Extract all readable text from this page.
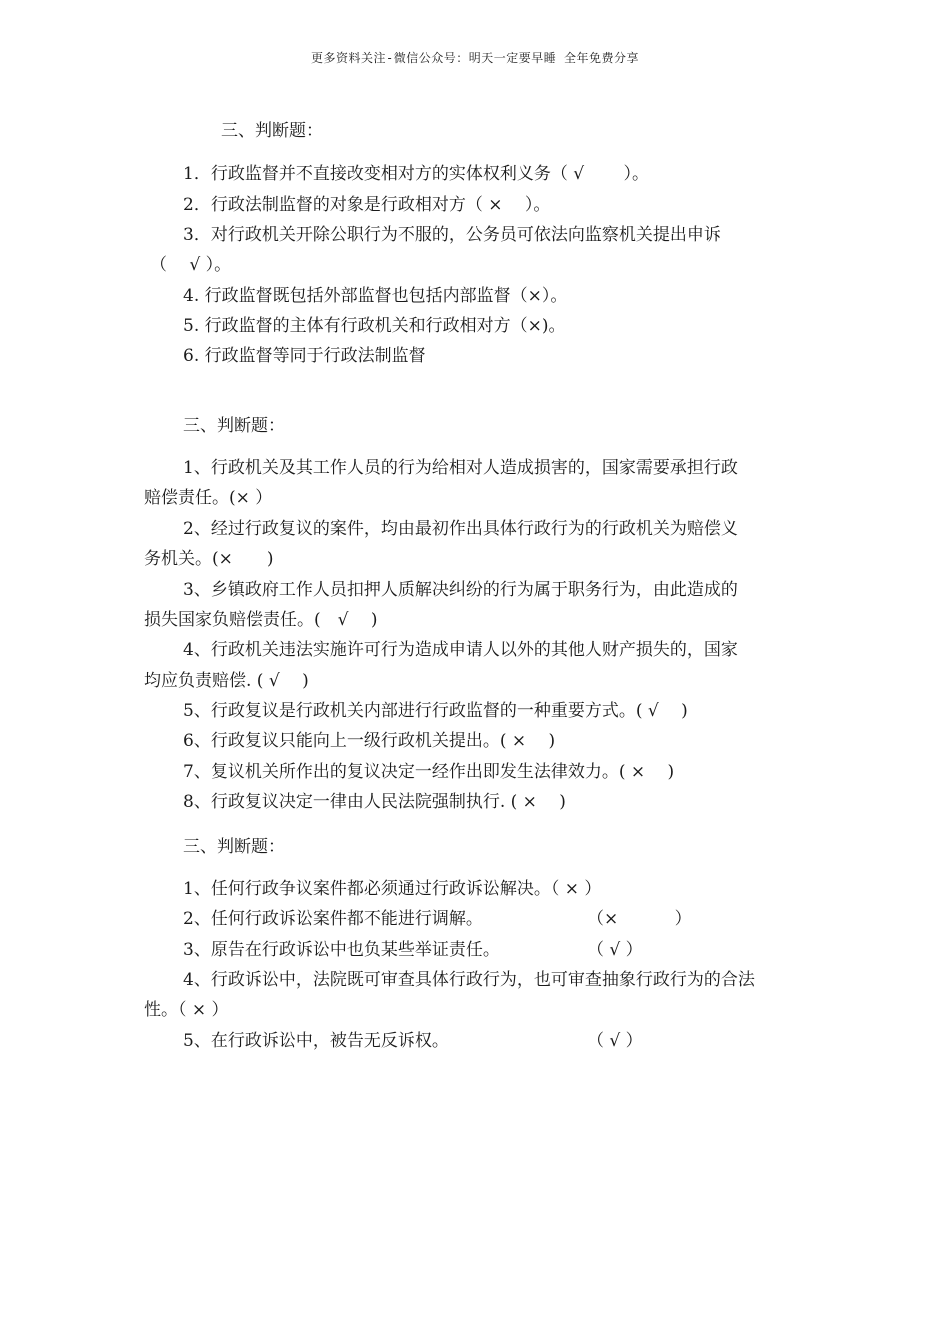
更多资料关注-微信公众号：明天一定要早睡 全年免费分享
三、判断题：
1．行政监督并不直接改变相对方的实体权利义务（ √　　 ）。
2．行政法制监督的对象是行政相对方（ ×　 ）。
3．对行政机关开除公职行为不服的，公务员可依法向监察机关提出申诉
（　 √ ）。
4. 行政监督既包括外部监督也包括内部监督（×）。
5. 行政监督的主体有行政机关和行政相对方（×)。
6. 行政监督等同于行政法制监督
三、判断题：
1、行政机关及其工作人员的行为给相对人造成损害的，国家需要承担行政
赔偿责任。(× ）
2、经过行政复议的案件，均由最初作出具体行政行为的行政机关为赔偿义
务机关。(×　　)
3、乡镇政府工作人员扣押人质解决纠纷的行为属于职务行为，由此造成的
损失国家负赔偿责任。(　√　 )
4、行政机关违法实施许可行为造成申请人以外的其他人财产损失的，国家
均应负责赔偿. ( √　 )
5、行政复议是行政机关内部进行行政监督的一种重要方式。( √　 )
6、行政复议只能向上一级行政机关提出。( ×　 )
7、复议机关所作出的复议决定一经作出即发生法律效力。( ×　 )
8、行政复议决定一律由人民法院强制执行. ( ×　 )
三、判断题：
1、任何行政争议案件都必须通过行政诉讼解决。（ × ）
2、任何行政诉讼案件都不能进行调解。	（×　　　 ）
3、原告在行政诉讼中也负某些举证责任。	（ √ ）
4、行政诉讼中，法院既可审查具体行政行为，也可审查抽象行政行为的合法
性。（ × ）
5、在行政诉讼中，被告无反诉权。	（ √ ）
